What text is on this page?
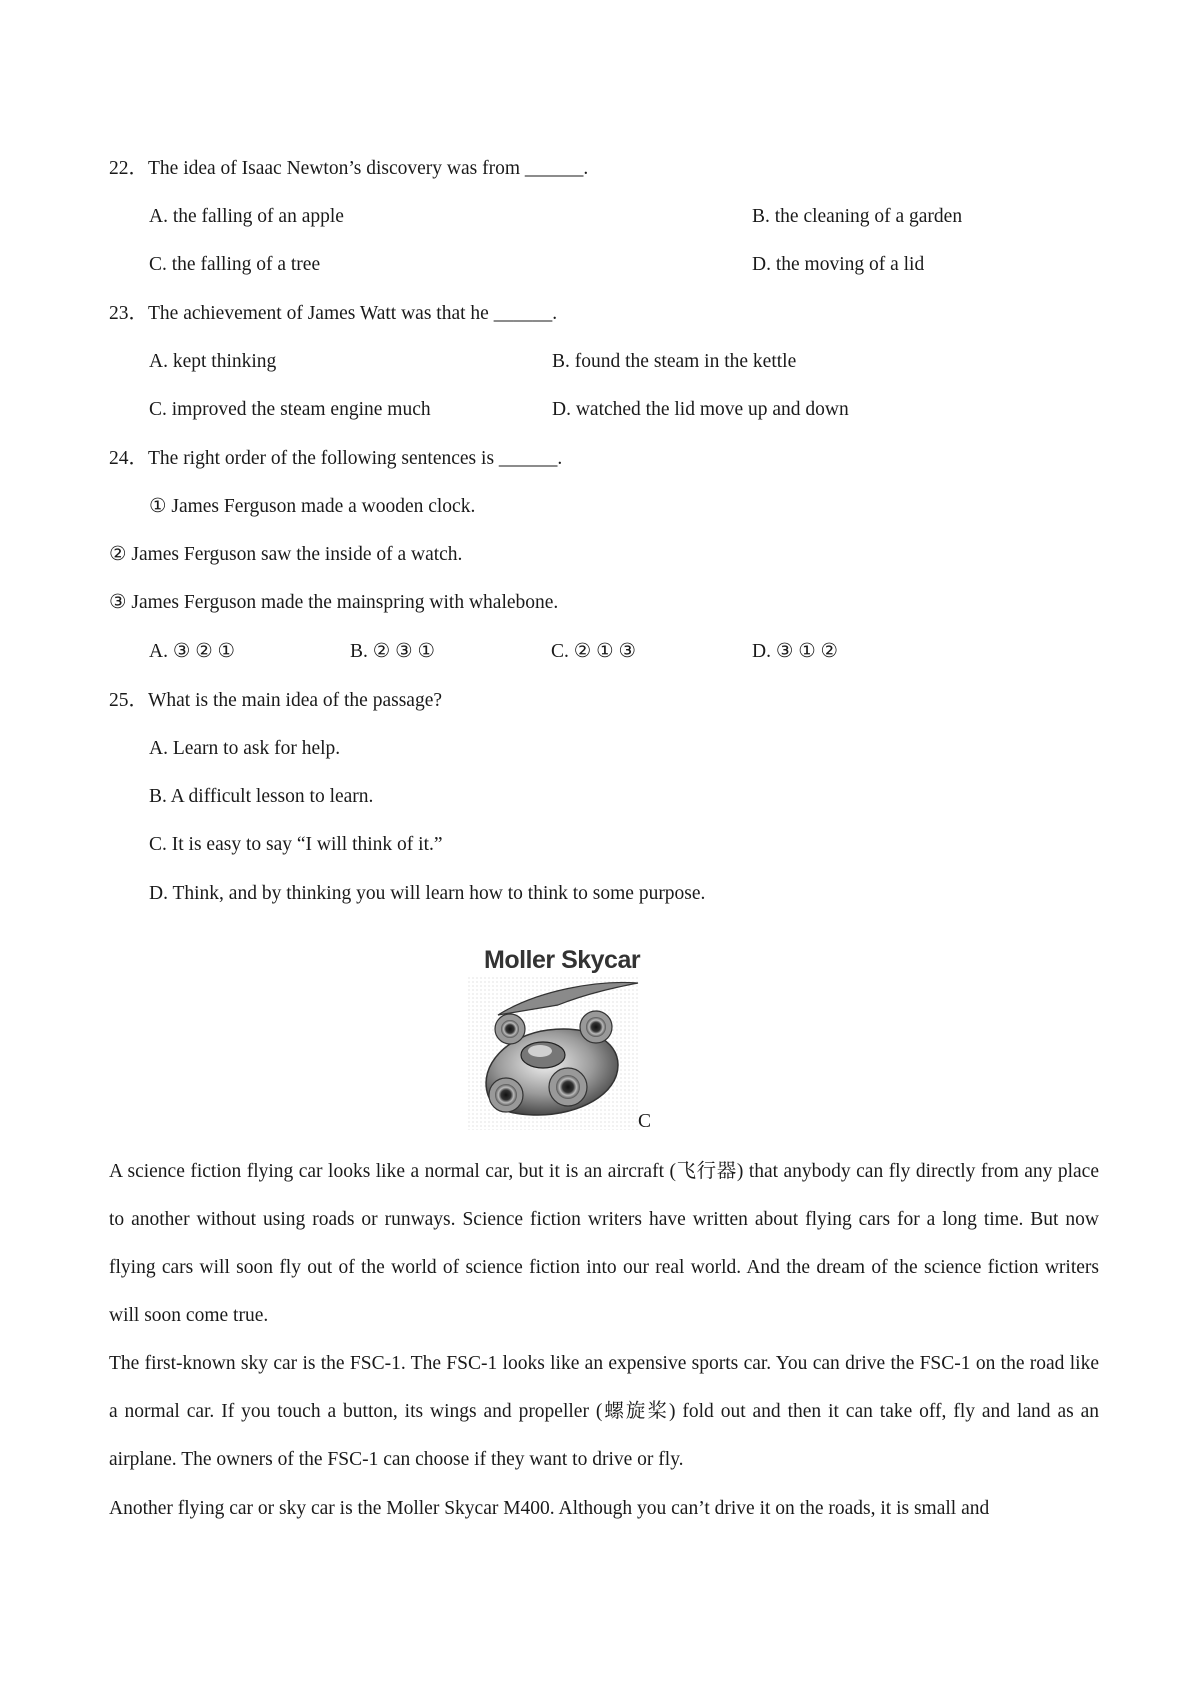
22．The idea of Isaac Newton’s discovery was from ______.
A. the falling of an apple	B. the cleaning of a garden
C. the falling of a tree	D. the moving of a lid
23．The achievement of James Watt was that he ______.
A. kept thinking	B. found the steam in the kettle
C. improved the steam engine much	D. watched the lid move up and down
24．The right order of the following sentences is ______.
① James Ferguson made a wooden clock.
② James Ferguson saw the inside of a watch.
③ James Ferguson made the mainspring with whalebone.
A. ③ ② ①	B. ② ③ ①	C. ② ① ③	D. ③ ① ②
25．What is the main idea of the passage?
A. Learn to ask for help.
B. A difficult lesson to learn.
C. It is easy to say “I will think of it.”
D. Think, and by thinking you will learn how to think to some purpose.
Moller Skycar
C
A science fiction flying car looks like a normal car, but it is an aircraft (飞行器) that anybody can fly directly from any place to another without using roads or runways. Science fiction writers have written about flying cars for a long time. But now flying cars will soon fly out of the world of science fiction into our real world. And the dream of the science fiction writers will soon come true.
The first-known sky car is the FSC-1. The FSC-1 looks like an expensive sports car. You can drive the FSC-1 on the road like a normal car. If you touch a button, its wings and propeller (螺旋桨) fold out and then it can take off, fly and land as an airplane. The owners of the FSC-1 can choose if they want to drive or fly.
Another flying car or sky car is the Moller Skycar M400. Although you can’t drive it on the roads, it is small and
